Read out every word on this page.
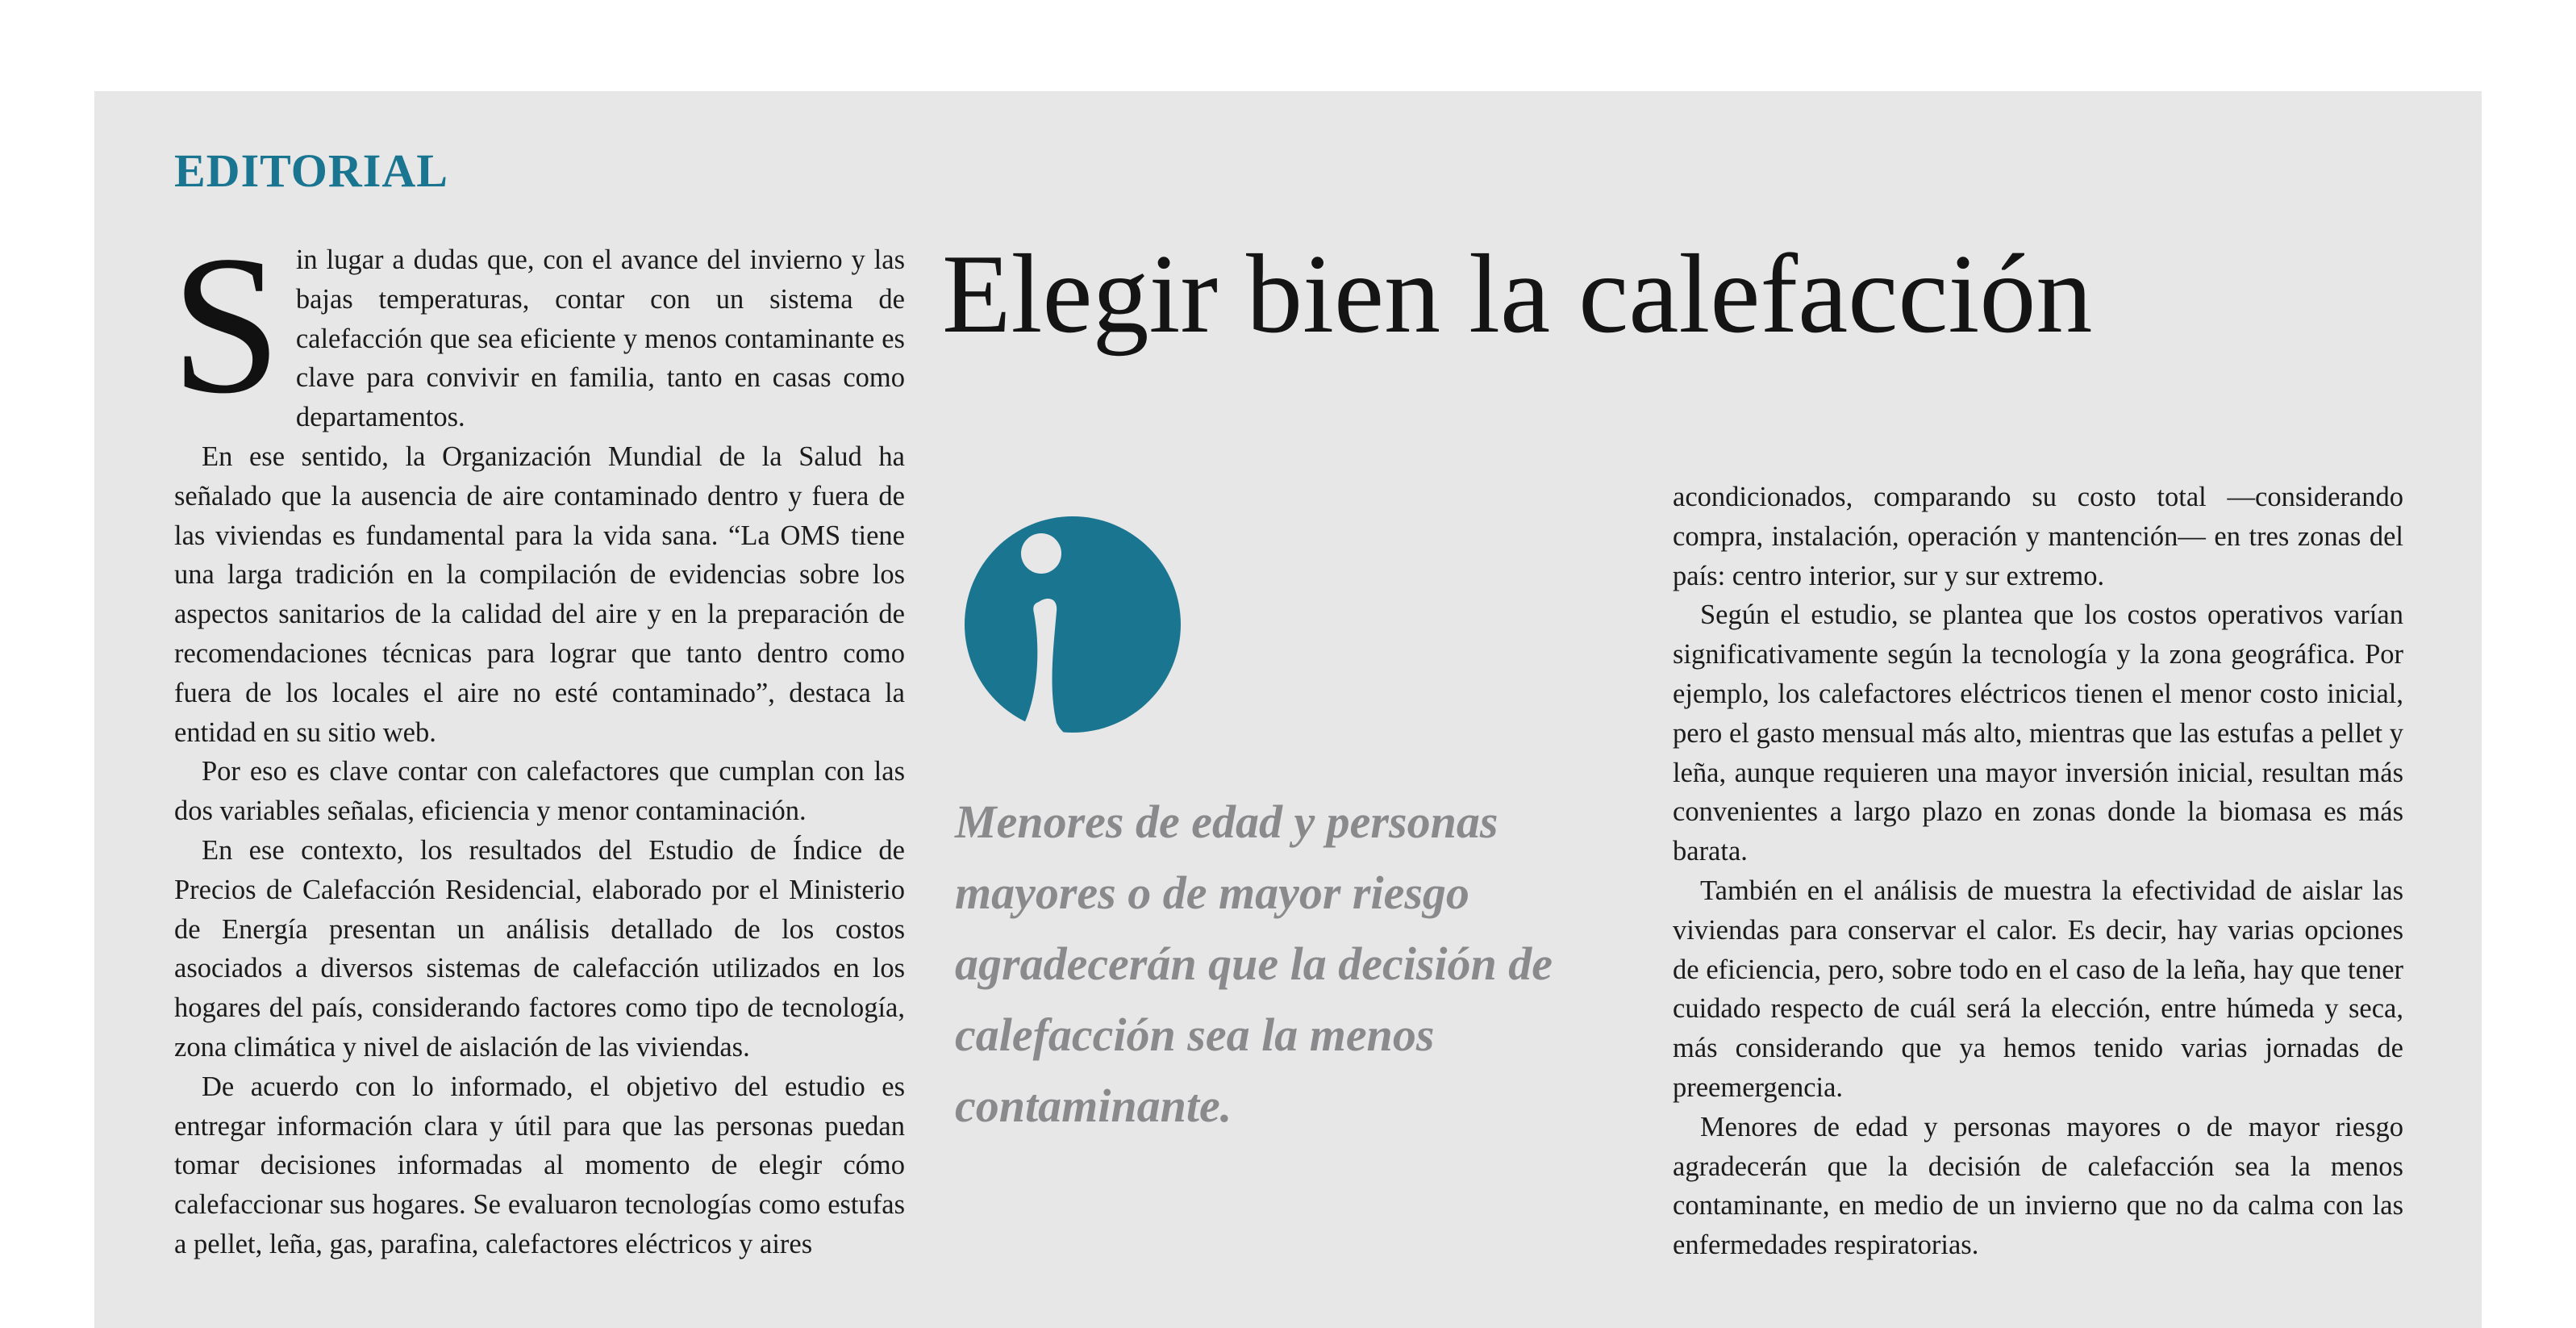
EDITORIAL

Sin lugar a dudas que, con el avance del invierno y las bajas temperaturas, contar con un sistema de calefacción que sea eficiente y menos contaminante es clave para convivir en familia, tanto en casas como departamentos.

En ese sentido, la Organización Mundial de la Salud ha señalado que la ausencia de aire contaminado dentro y fuera de las viviendas es fundamental para la vida sana. “La OMS tiene una larga tradición en la compilación de evidencias sobre los aspectos sanitarios de la calidad del aire y en la preparación de recomendaciones técnicas para lograr que tanto dentro como fuera de los locales el aire no esté contaminado”, destaca la entidad en su sitio web.

Por eso es clave contar con calefactores que cumplan con las dos variables señalas, eficiencia y menor contaminación.

En ese contexto, los resultados del Estudio de Índice de Precios de Calefacción Residencial, elaborado por el Ministerio de Energía presentan un análisis detallado de los costos asociados a diversos sistemas de calefacción utilizados en los hogares del país, considerando factores como tipo de tecnología, zona climática y nivel de aislación de las viviendas.

De acuerdo con lo informado, el objetivo del estudio es entregar información clara y útil para que las personas puedan tomar decisiones informadas al momento de elegir cómo calefaccionar sus hogares. Se evaluaron tecnologías como estufas a pellet, leña, gas, parafina, calefactores eléctricos y aires

Elegir bien la calefacción

Menores de edad y personas mayores o de mayor riesgo agradecerán que la decisión de calefacción sea la menos contaminante.

acondicionados, comparando su costo total —considerando compra, instalación, operación y mantención— en tres zonas del país: centro interior, sur y sur extremo.

Según el estudio, se plantea que los costos operativos varían significativamente según la tecnología y la zona geográfica. Por ejemplo, los calefactores eléctricos tienen el menor costo inicial, pero el gasto mensual más alto, mientras que las estufas a pellet y leña, aunque requieren una mayor inversión inicial, resultan más convenientes a largo plazo en zonas donde la biomasa es más barata.

También en el análisis de muestra la efectividad de aislar las viviendas para conservar el calor. Es decir, hay varias opciones de eficiencia, pero, sobre todo en el caso de la leña, hay que tener cuidado respecto de cuál será la elección, entre húmeda y seca, más considerando que ya hemos tenido varias jornadas de preemergencia.

Menores de edad y personas mayores o de mayor riesgo agradecerán que la decisión de calefacción sea la menos contaminante, en medio de un invierno que no da calma con las enfermedades respiratorias.
